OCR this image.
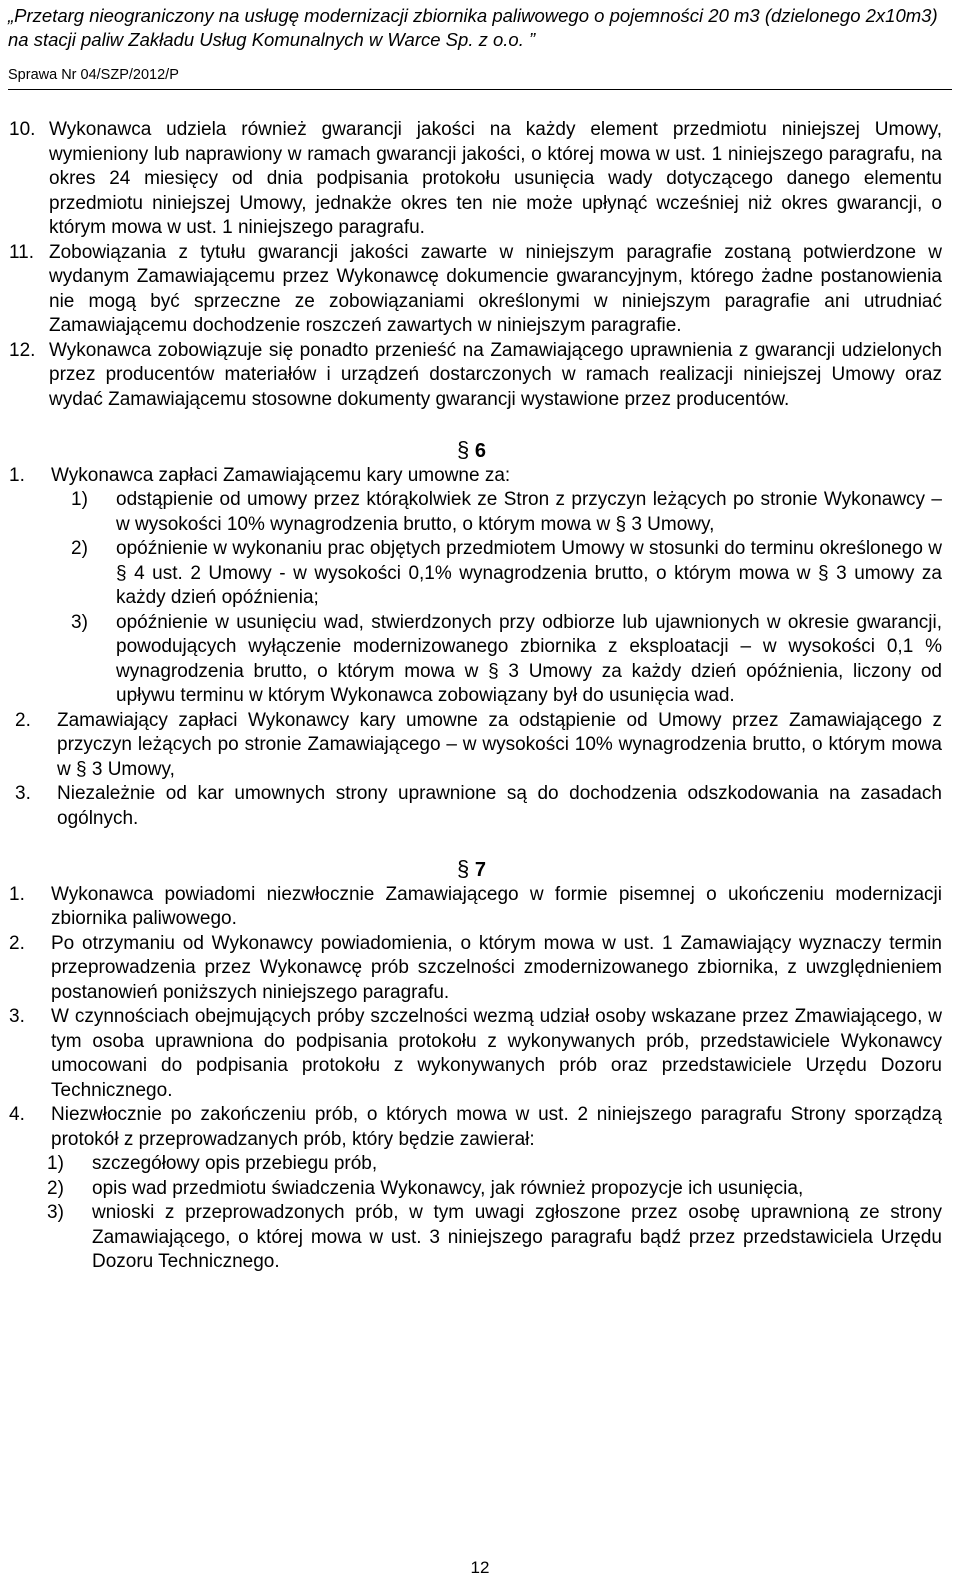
„Przetarg nieograniczony na usługę modernizacji zbiornika paliwowego o pojemności 20 m3 (dzielonego 2x10m3)

na stacji paliw Zakładu Usług Komunalnych w Warce Sp. z o.o. ”

Sprawa Nr 04/SZP/2012/P
10. Wykonawca udziela również gwarancji jakości na każdy element przedmiotu niniejszej Umowy, wymieniony lub naprawiony w ramach gwarancji jakości, o której mowa w ust. 1 niniejszego paragrafu, na okres 24 miesięcy od dnia podpisania protokołu usunięcia wady dotyczącego danego elementu przedmiotu niniejszej Umowy, jednakże okres ten nie może upłynąć wcześniej niż okres gwarancji, o którym mowa w ust. 1 niniejszego paragrafu.
11. Zobowiązania z tytułu gwarancji jakości zawarte w niniejszym paragrafie zostaną potwierdzone w wydanym Zamawiającemu przez Wykonawcę dokumencie gwarancyjnym, którego żadne postanowienia nie mogą być sprzeczne ze zobowiązaniami określonymi w niniejszym paragrafie ani utrudniać Zamawiającemu dochodzenie roszczeń zawartych w niniejszym paragrafie.
12. Wykonawca zobowiązuje się ponadto przenieść na Zamawiającego uprawnienia z gwarancji udzielonych przez producentów materiałów i urządzeń dostarczonych w ramach realizacji niniejszej Umowy oraz wydać Zamawiającemu stosowne dokumenty gwarancji wystawione przez producentów.
§ 6
1.	Wykonawca zapłaci Zamawiającemu kary umowne za:
1)	odstąpienie od umowy przez którąkolwiek ze Stron z przyczyn leżących po stronie Wykonawcy – w wysokości 10% wynagrodzenia brutto, o którym mowa w § 3 Umowy,
2)	opóźnienie w wykonaniu prac objętych przedmiotem Umowy w stosunki do terminu określonego w § 4 ust. 2 Umowy - w wysokości 0,1% wynagrodzenia brutto, o którym mowa w § 3 umowy za każdy dzień opóźnienia;
3)	opóźnienie w usunięciu wad, stwierdzonych przy odbiorze lub ujawnionych w okresie gwarancji, powodujących wyłączenie modernizowanego zbiornika z eksploatacji – w wysokości 0,1 % wynagrodzenia brutto, o którym mowa w § 3 Umowy za każdy dzień opóźnienia, liczony od upływu terminu w którym Wykonawca zobowiązany był do usunięcia wad.
2.	Zamawiający zapłaci Wykonawcy kary umowne za odstąpienie od Umowy przez Zamawiającego z przyczyn leżących po stronie Zamawiającego – w wysokości 10% wynagrodzenia brutto, o którym mowa w § 3 Umowy,
3.	Niezależnie od kar umownych strony uprawnione są do dochodzenia odszkodowania na zasadach ogólnych.
§ 7
1.	Wykonawca powiadomi niezwłocznie Zamawiającego w formie pisemnej o ukończeniu modernizacji zbiornika paliwowego.
2.	Po otrzymaniu od Wykonawcy powiadomienia, o którym mowa w ust. 1 Zamawiający wyznaczy termin przeprowadzenia przez Wykonawcę prób szczelności zmodernizowanego zbiornika, z uwzględnieniem postanowień poniższych niniejszego paragrafu.
3.	W czynnościach obejmujących próby szczelności wezmą udział osoby wskazane przez Zmawiającego, w tym osoba uprawniona do podpisania protokołu z wykonywanych prób, przedstawiciele Wykonawcy umocowani do podpisania protokołu z wykonywanych prób oraz przedstawiciele Urzędu Dozoru Technicznego.
4.	Niezwłocznie po zakończeniu prób, o których mowa w ust. 2 niniejszego paragrafu Strony sporządzą protokół z przeprowadzanych prób, który będzie zawierał:
1)	szczegółowy opis przebiegu prób,
2)	opis wad przedmiotu świadczenia Wykonawcy, jak również propozycje ich usunięcia,
3)	wnioski z przeprowadzonych prób, w tym uwagi zgłoszone przez osobę uprawnioną ze strony Zamawiającego, o której mowa w ust. 3 niniejszego paragrafu bądź przez przedstawiciela Urzędu Dozoru Technicznego.
12
